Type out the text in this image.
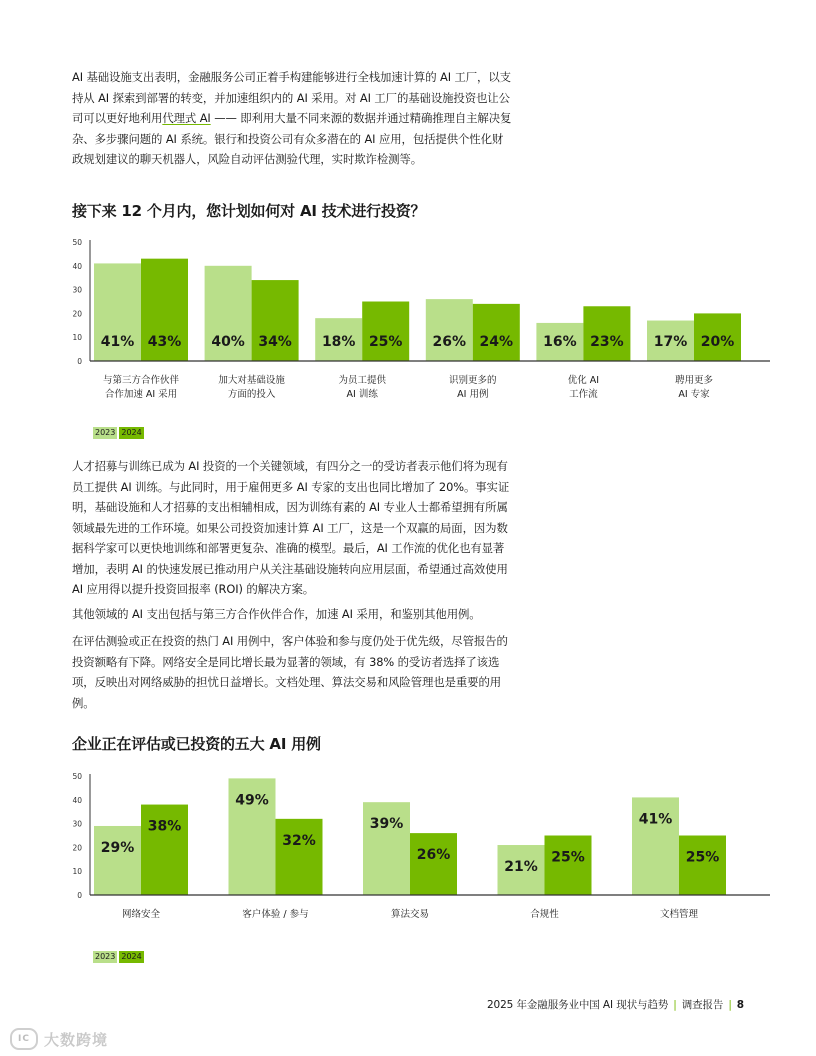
AI 基础设施支出表明，金融服务公司正着手构建能够进行全栈加速计算的 AI 工厂，以支持从 AI 探索到部署的转变，并加速组织内的 AI 采用。对 AI 工厂的基础设施投资也让公司可以更好地利用代理式 AI —— 即利用大量不同来源的数据并通过精确推理自主解决复杂、多步骤问题的 AI 系统。银行和投资公司有众多潜在的 AI 应用，包括提供个性化财政规划建议的聊天机器人，风险自动评估测验代理，实时欺诈检测等。

接下来 12 个月内，您计划如何对 AI 技术进行投资？
0
10
20
30
40
50
41% 43%
与第三方合作伙伴
合作加速 AI 采用
40% 34%
加大对基础设施
方面的投入
18% 25%
为员工提供
AI 训练
26% 24%
识别更多的
AI 用例
16% 23%
优化 AI
工作流
17% 20%
聘用更多
AI 专家
2023 2024

人才招募与训练已成为 AI 投资的一个关键领域，有四分之一的受访者表示他们将为现有员工提供 AI 训练。与此同时，用于雇佣更多 AI 专家的支出也同比增加了 20%。事实证明，基础设施和人才招募的支出相辅相成，因为训练有素的 AI 专业人士都希望拥有所属领域最先进的工作环境。如果公司投资加速计算 AI 工厂，这是一个双赢的局面，因为数据科学家可以更快地训练和部署更复杂、准确的模型。最后，AI 工作流的优化也有显著增加，表明 AI 的快速发展已推动用户从关注基础设施转向应用层面，希望通过高效使用 AI 应用得以提升投资回报率 (ROI) 的解决方案。

其他领域的 AI 支出包括与第三方合作伙伴合作，加速 AI 采用，和鉴别其他用例。

在评估测验或正在投资的热门 AI 用例中，客户体验和参与度仍处于优先级，尽管报告的投资额略有下降。网络安全是同比增长最为显著的领域，有 38% 的受访者选择了该选项，反映出对网络威胁的担忧日益增长。文档处理、算法交易和风险管理也是重要的用例。

企业正在评估或已投资的五大 AI 用例
0
10
20
30
40
50
29%
38%
网络安全
49%
32%
客户体验 / 参与
39%
26%
算法交易
21%
25%
合规性
41%
25%
文档管理
2023 2024
2025 年金融服务业中国 AI 现状与趋势 | 调查报告 | 8
IC 大数跨境
